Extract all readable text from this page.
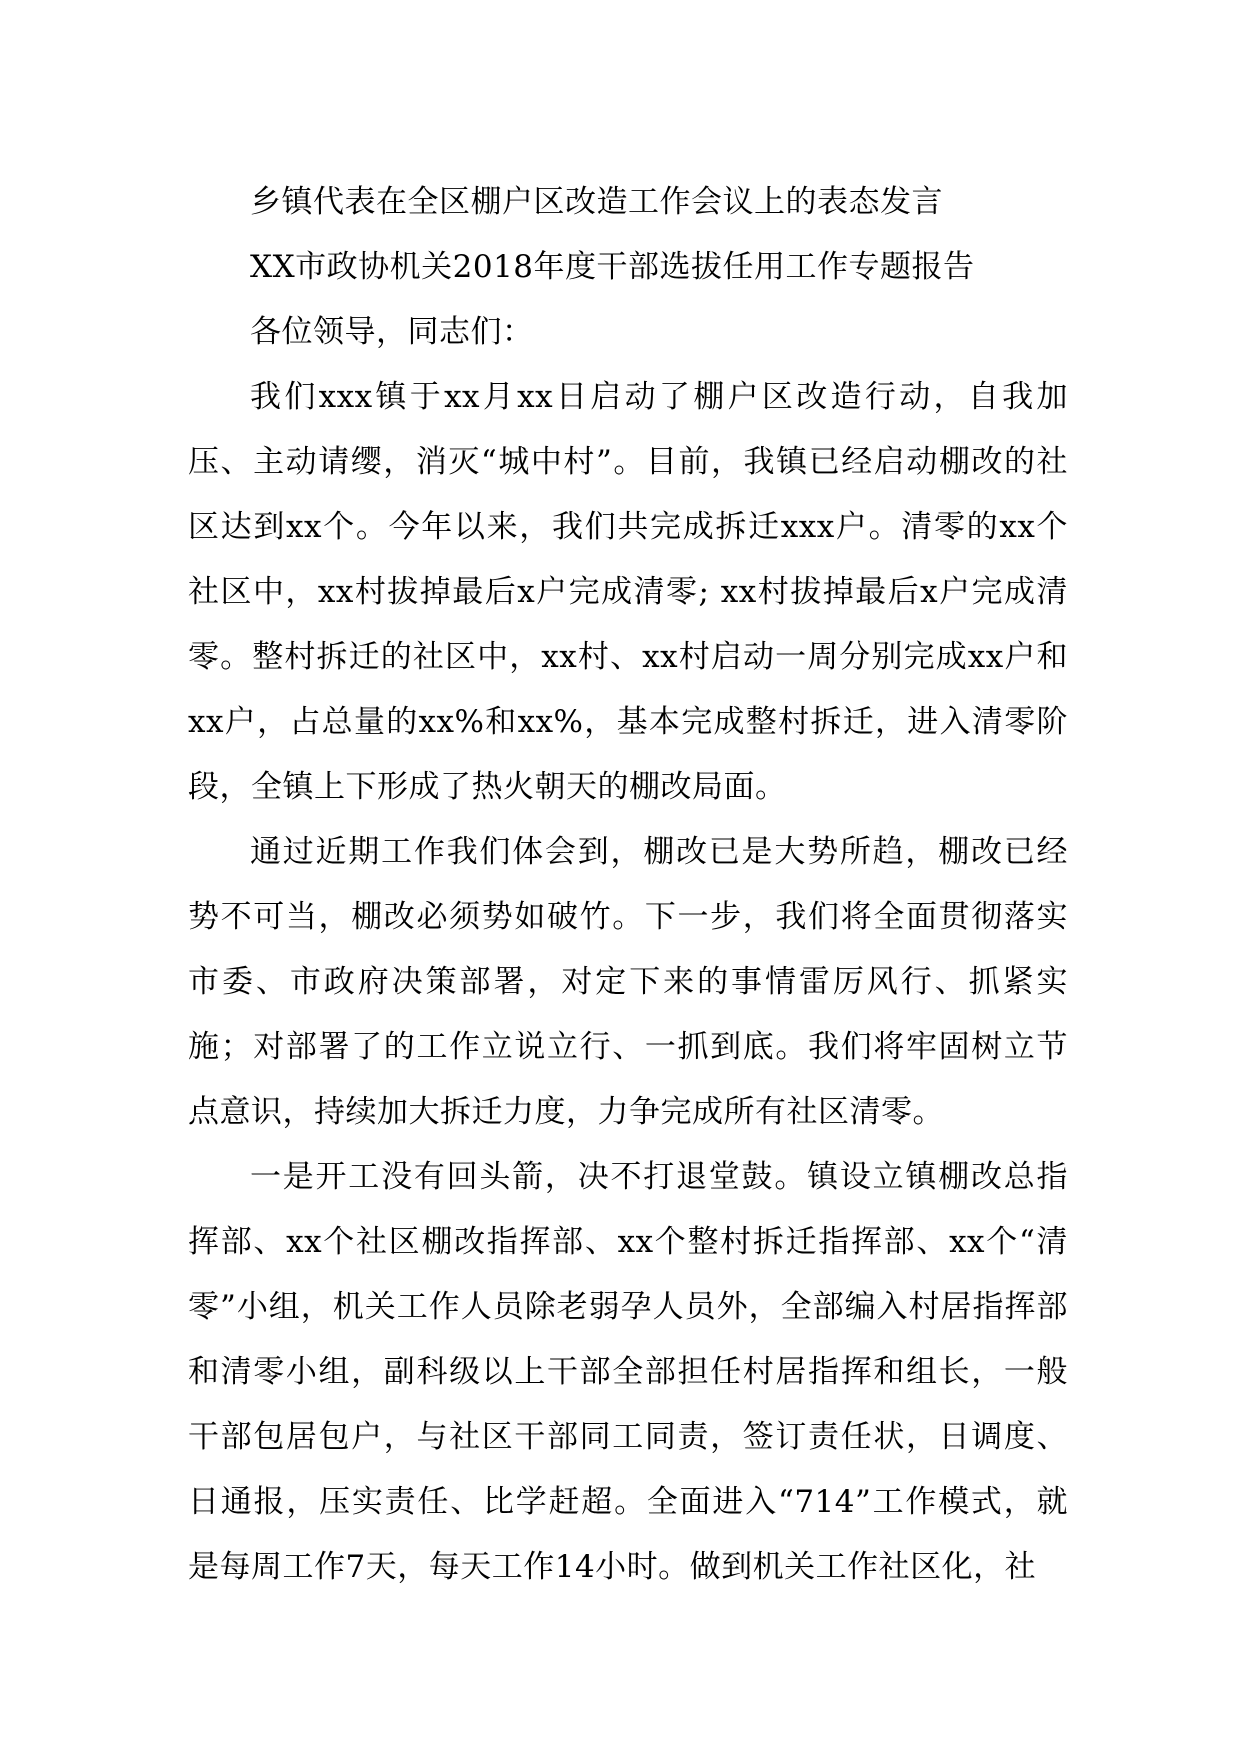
乡镇代表在全区棚户区改造工作会议上的表态发言

XX市政协机关2018年度干部选拔任用工作专题报告

各位领导，同志们：

我们xxx镇于xx月xx日启动了棚户区改造行动，自我加压、主动请缨，消灭“城中村”。目前，我镇已经启动棚改的社区达到xx个。今年以来，我们共完成拆迁xxx户。清零的xx个社区中，xx村拔掉最后x户完成清零; xx村拔掉最后x户完成清零。整村拆迁的社区中，xx村、xx村启动一周分别完成xx户和xx户，占总量的xx%和xx%，基本完成整村拆迁，进入清零阶段，全镇上下形成了热火朝天的棚改局面。

通过近期工作我们体会到，棚改已是大势所趋，棚改已经势不可当，棚改必须势如破竹。下一步，我们将全面贯彻落实市委、市政府决策部署，对定下来的事情雷厉风行、抓紧实施；对部署了的工作立说立行、一抓到底。我们将牢固树立节点意识，持续加大拆迁力度，力争完成所有社区清零。

一是开工没有回头箭，决不打退堂鼓。镇设立镇棚改总指挥部、xx个社区棚改指挥部、xx个整村拆迁指挥部、xx个“清零”小组，机关工作人员除老弱孕人员外，全部编入村居指挥部和清零小组，副科级以上干部全部担任村居指挥和组长，一般干部包居包户，与社区干部同工同责，签订责任状，日调度、日通报，压实责任、比学赶超。全面进入“714”工作模式，就是每周工作7天，每天工作14小时。做到机关工作社区化，社
